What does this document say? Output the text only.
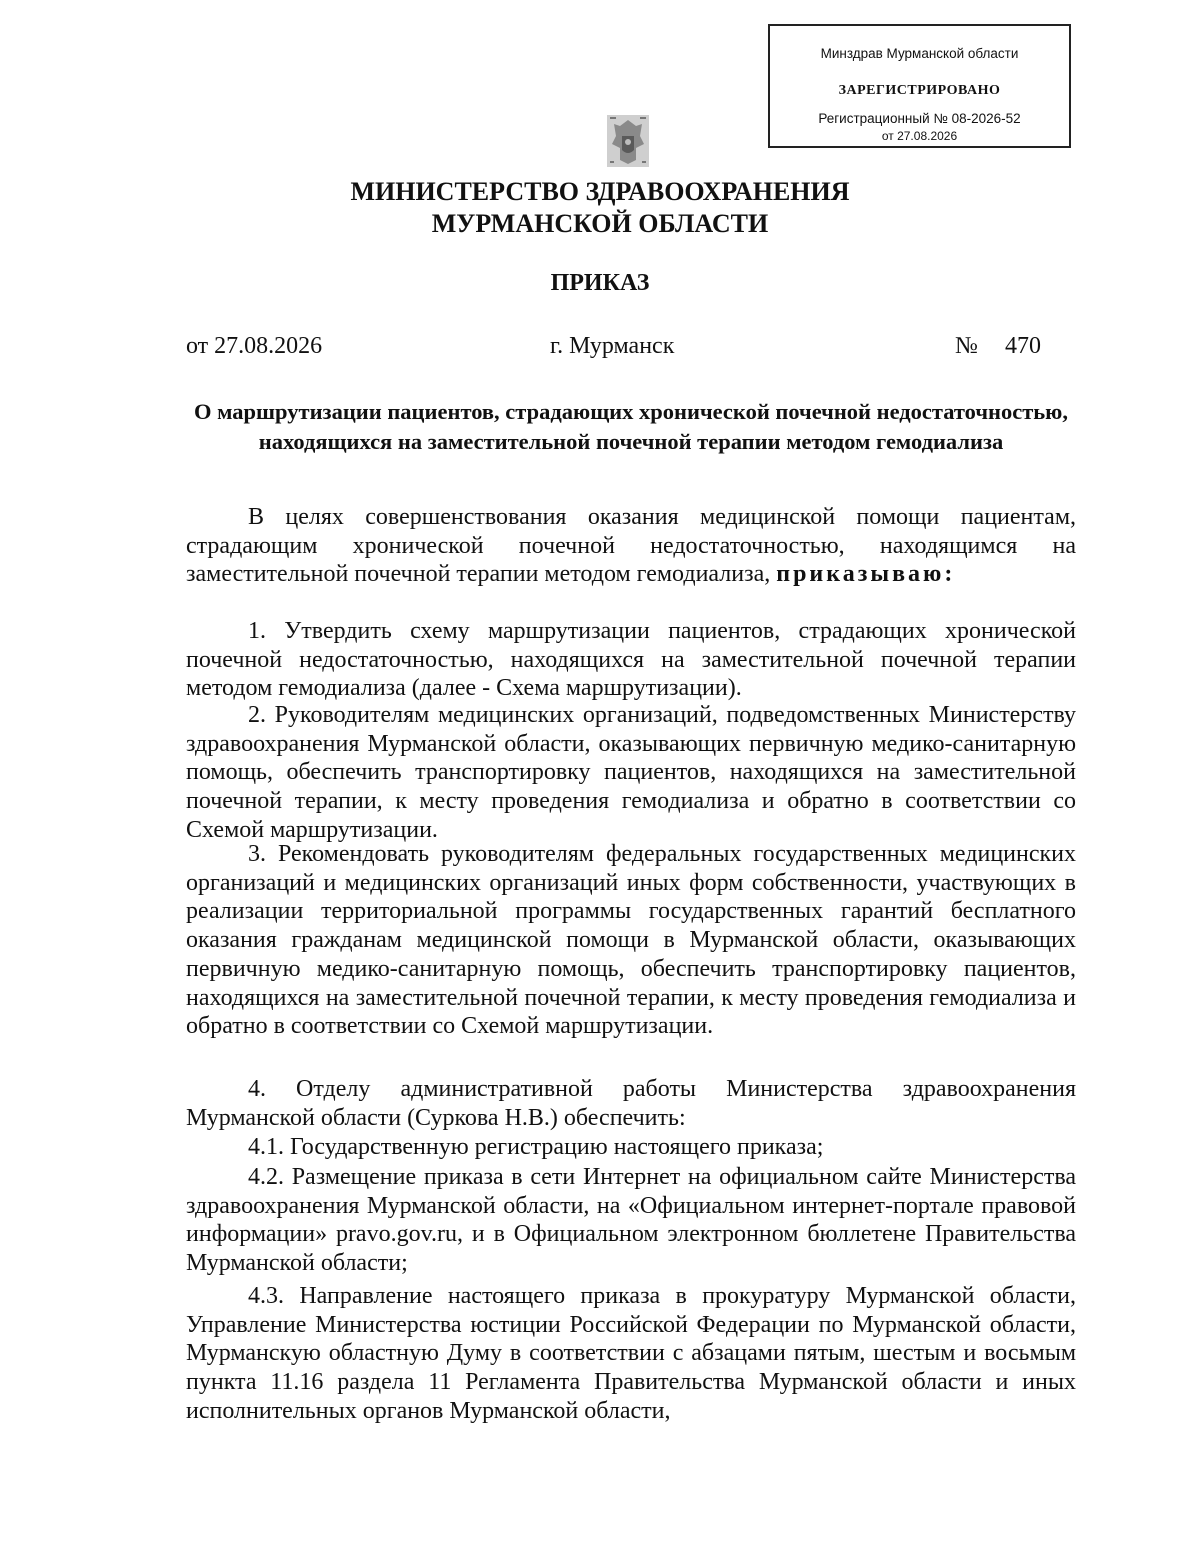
Минздрав Мурманской области
ЗАРЕГИСТРИРОВАНО
Регистрационный № 08-2026-52
от 27.08.2026
МИНИСТЕРСТВО ЗДРАВООХРАНЕНИЯ
МУРМАНСКОЙ ОБЛАСТИ
ПРИКАЗ
от 27.08.2026	г. Мурманск	№ 470
О маршрутизации пациентов, страдающих хронической почечной недостаточностью, находящихся на заместительной почечной терапии методом гемодиализа
В целях совершенствования оказания медицинской помощи пациентам, страдающим хронической почечной недостаточностью, находящимся на заместительной почечной терапии методом гемодиализа, приказываю:
1. Утвердить схему маршрутизации пациентов, страдающих хронической почечной недостаточностью, находящихся на заместительной почечной терапии методом гемодиализа (далее - Схема маршрутизации).
2. Руководителям медицинских организаций, подведомственных Министерству здравоохранения Мурманской области, оказывающих первичную медико-санитарную помощь, обеспечить транспортировку пациентов, находящихся на заместительной почечной терапии, к месту проведения гемодиализа и обратно в соответствии со Схемой маршрутизации.
3. Рекомендовать руководителям федеральных государственных медицинских организаций и медицинских организаций иных форм собственности, участвующих в реализации территориальной программы государственных гарантий бесплатного оказания гражданам медицинской помощи в Мурманской области, оказывающих первичную медико-санитарную помощь, обеспечить транспортировку пациентов, находящихся на заместительной почечной терапии, к месту проведения гемодиализа и обратно в соответствии со Схемой маршрутизации.
4. Отделу административной работы Министерства здравоохранения Мурманской области (Суркова Н.В.) обеспечить:
4.1. Государственную регистрацию настоящего приказа;
4.2. Размещение приказа в сети Интернет на официальном сайте Министерства здравоохранения Мурманской области, на «Официальном интернет-портале правовой информации» pravo.gov.ru, и в Официальном электронном бюллетене Правительства Мурманской области;
4.3. Направление настоящего приказа в прокуратуру Мурманской области, Управление Министерства юстиции Российской Федерации по Мурманской области, Мурманскую областную Думу в соответствии с абзацами пятым, шестым и восьмым пункта 11.16 раздела 11 Регламента Правительства Мурманской области и иных исполнительных органов Мурманской области,
